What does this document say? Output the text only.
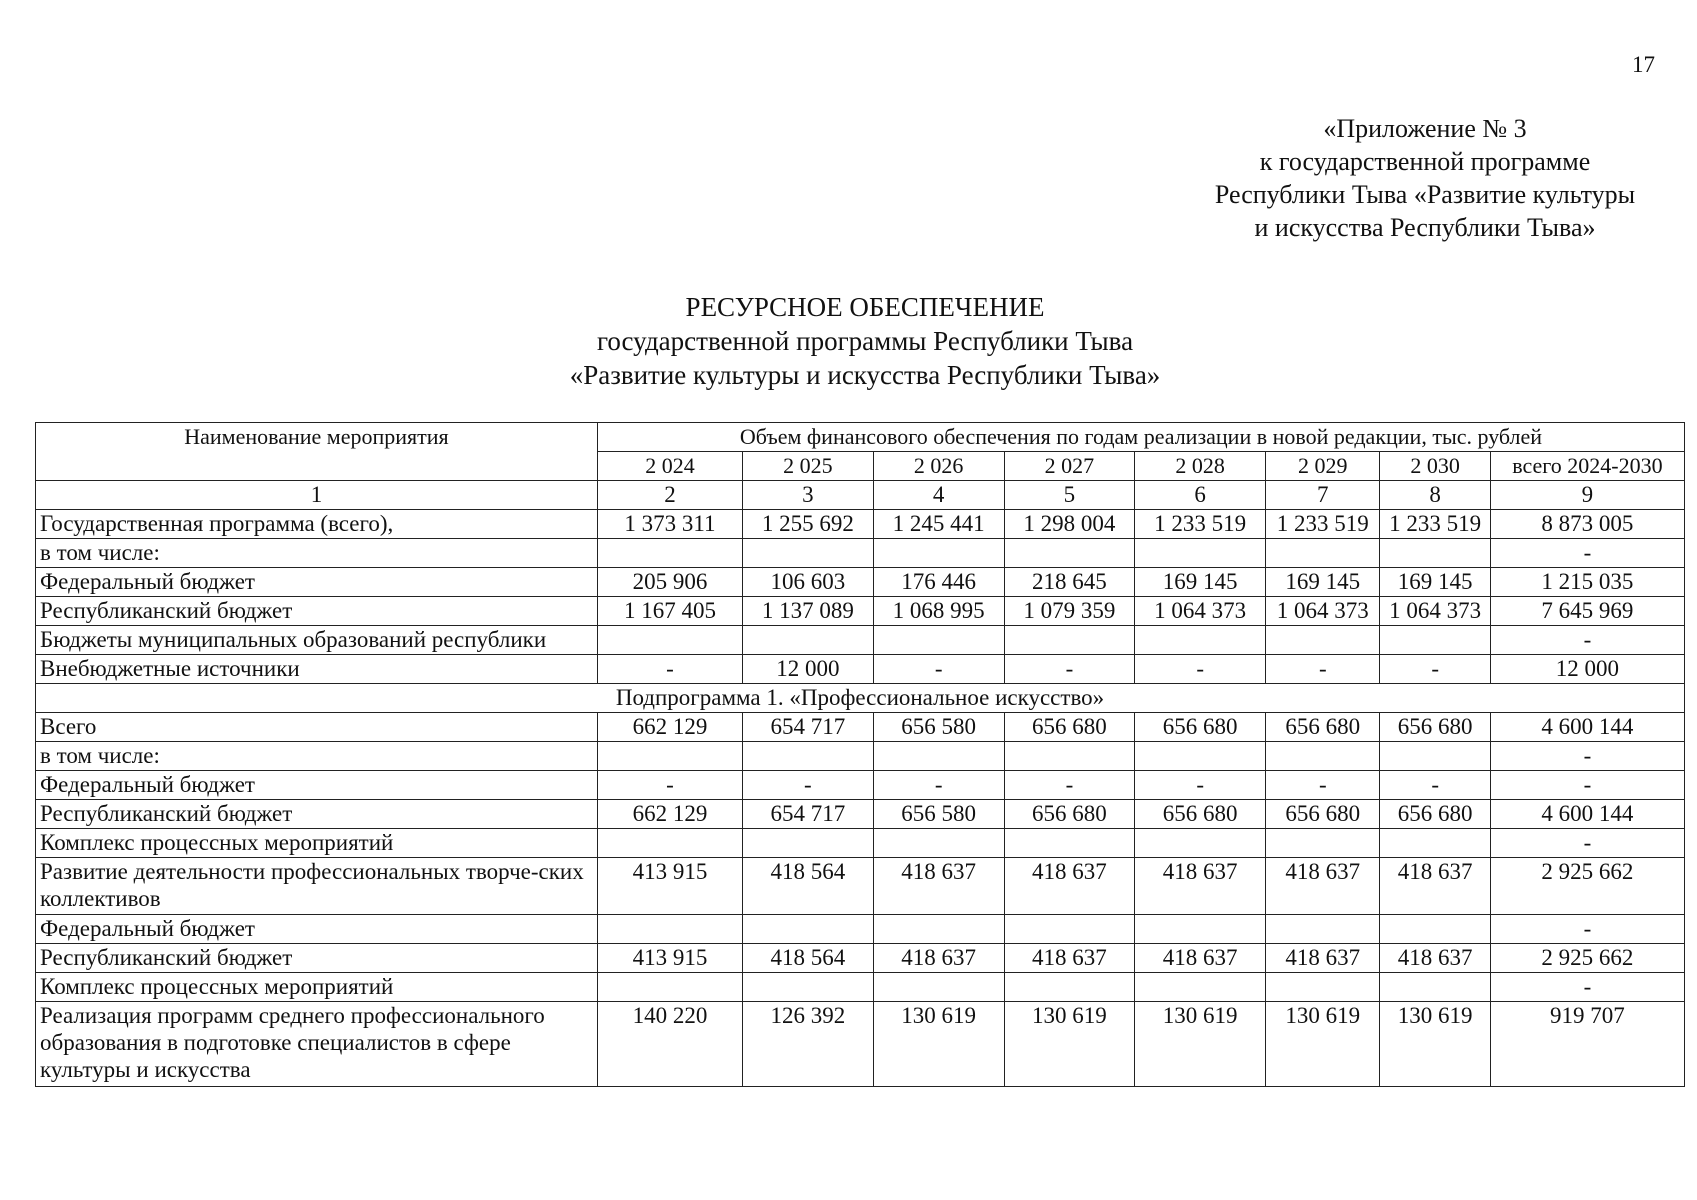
17
«Приложение № 3
к государственной программе
Республики Тыва «Развитие культуры
и искусства Республики Тыва»
РЕСУРСНОЕ ОБЕСПЕЧЕНИЕ
государственной программы Республики Тыва
«Развитие культуры и искусства Республики Тыва»
Наименование мероприятия	Объем финансового обеспечения по годам реализации в новой редакции, тыс. рублей							
	2 024	2 025	2 026	2 027	2 028	2 029	2 030	всего 2024-2030
1	2	3	4	5	6	7	8	9
Государственная программа (всего),	1 373 311	1 255 692	1 245 441	1 298 004	1 233 519	1 233 519	1 233 519	8 873 005
в том числе:								-
Федеральный бюджет	205 906	106 603	176 446	218 645	169 145	169 145	169 145	1 215 035
Республиканский бюджет	1 167 405	1 137 089	1 068 995	1 079 359	1 064 373	1 064 373	1 064 373	7 645 969
Бюджеты муниципальных образований республики								-
Внебюджетные источники	-	12 000	-	-	-	-	-	12 000
Подпрограмма 1. «Профессиональное искусство»								
Всего	662 129	654 717	656 580	656 680	656 680	656 680	656 680	4 600 144
в том числе:								-
Федеральный бюджет	-	-	-	-	-	-	-	-
Республиканский бюджет	662 129	654 717	656 580	656 680	656 680	656 680	656 680	4 600 144
Комплекс процессных мероприятий								-
Развитие деятельности профессиональных творче-ских коллективов	413 915	418 564	418 637	418 637	418 637	418 637	418 637	2 925 662
Федеральный бюджет								-
Республиканский бюджет	413 915	418 564	418 637	418 637	418 637	418 637	418 637	2 925 662
Комплекс процессных мероприятий								-
Реализация программ среднего профессионального образования в подготовке специалистов в сфере культуры и искусства	140 220	126 392	130 619	130 619	130 619	130 619	130 619	919 707
